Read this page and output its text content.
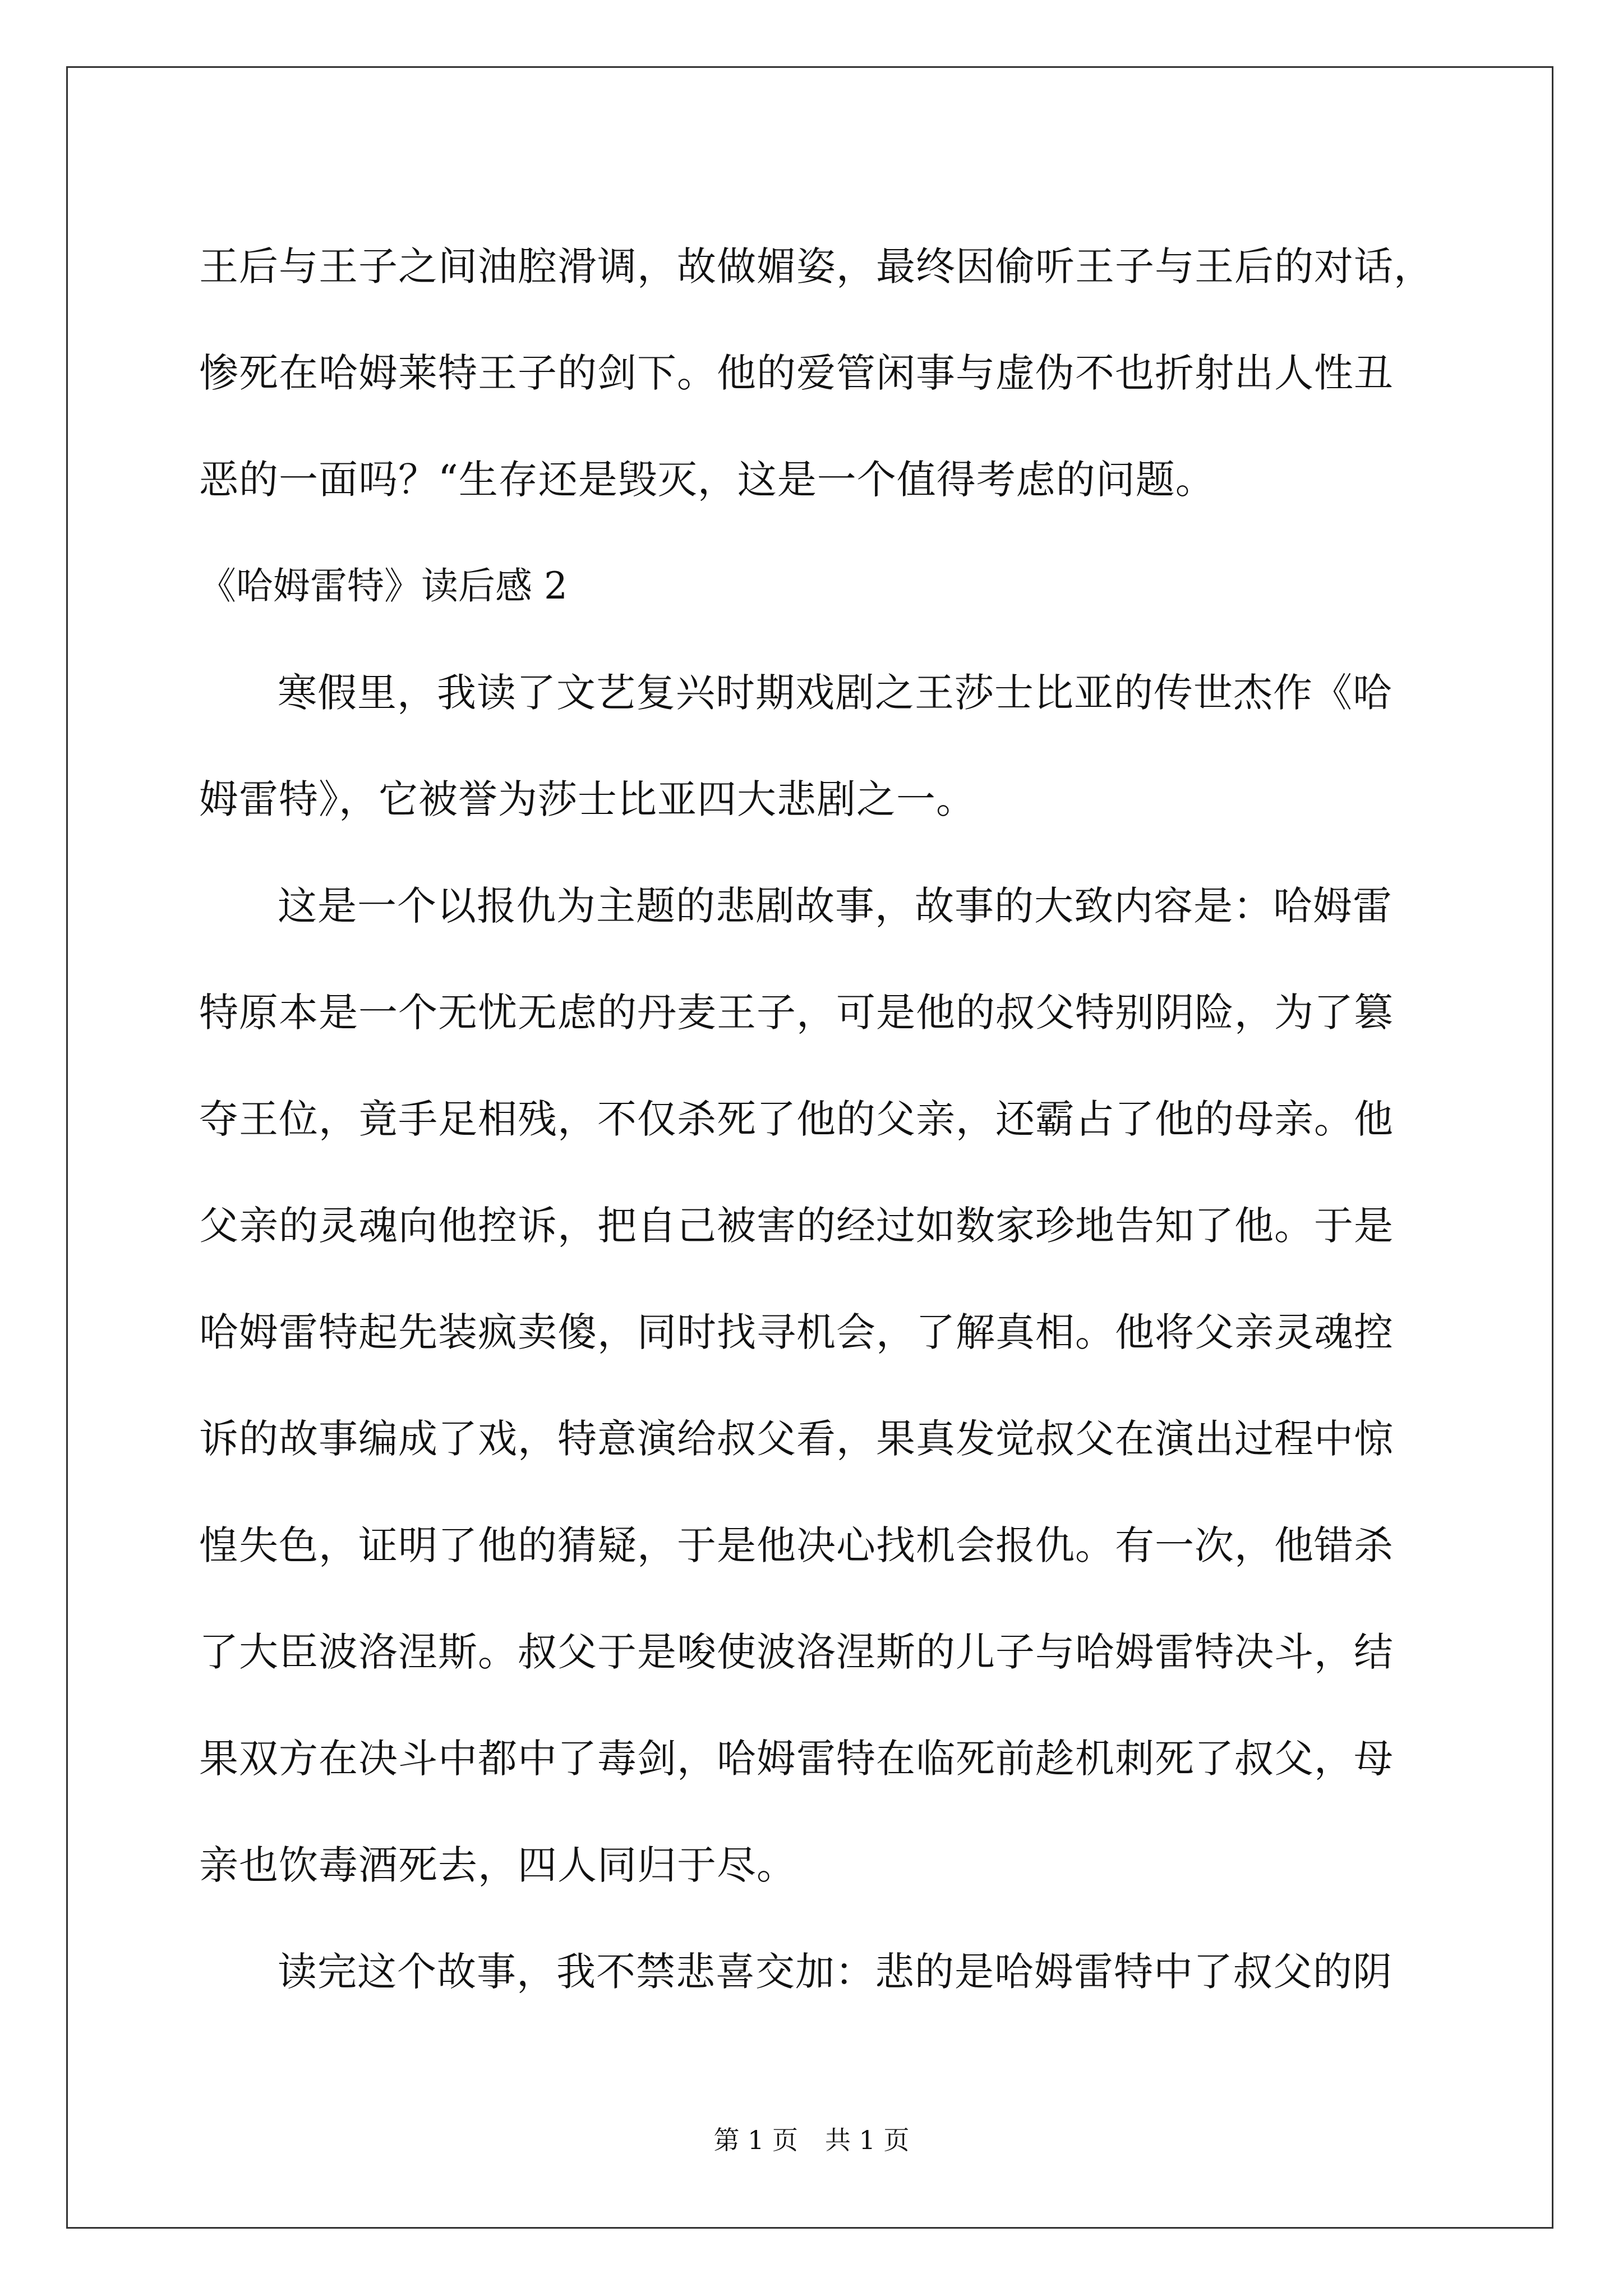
王后与王子之间油腔滑调，故做媚姿，最终因偷听王子与王后的对话，
惨死在哈姆莱特王子的剑下。他的爱管闲事与虚伪不也折射出人性丑
恶的一面吗？“生存还是毁灭，这是一个值得考虑的问题。
《哈姆雷特》读后感 2
寒假里，我读了文艺复兴时期戏剧之王莎士比亚的传世杰作《哈
姆雷特》，它被誉为莎士比亚四大悲剧之一。
这是一个以报仇为主题的悲剧故事，故事的大致内容是：哈姆雷
特原本是一个无忧无虑的丹麦王子，可是他的叔父特别阴险，为了篡
夺王位，竟手足相残，不仅杀死了他的父亲，还霸占了他的母亲。他
父亲的灵魂向他控诉，把自己被害的经过如数家珍地告知了他。于是
哈姆雷特起先装疯卖傻，同时找寻机会，了解真相。他将父亲灵魂控
诉的故事编成了戏，特意演给叔父看，果真发觉叔父在演出过程中惊
惶失色，证明了他的猜疑，于是他决心找机会报仇。有一次，他错杀
了大臣波洛涅斯。叔父于是唆使波洛涅斯的儿子与哈姆雷特决斗，结
果双方在决斗中都中了毒剑，哈姆雷特在临死前趁机刺死了叔父，母
亲也饮毒酒死去，四人同归于尽。
读完这个故事，我不禁悲喜交加：悲的是哈姆雷特中了叔父的阴
第 1 页 共 1 页
